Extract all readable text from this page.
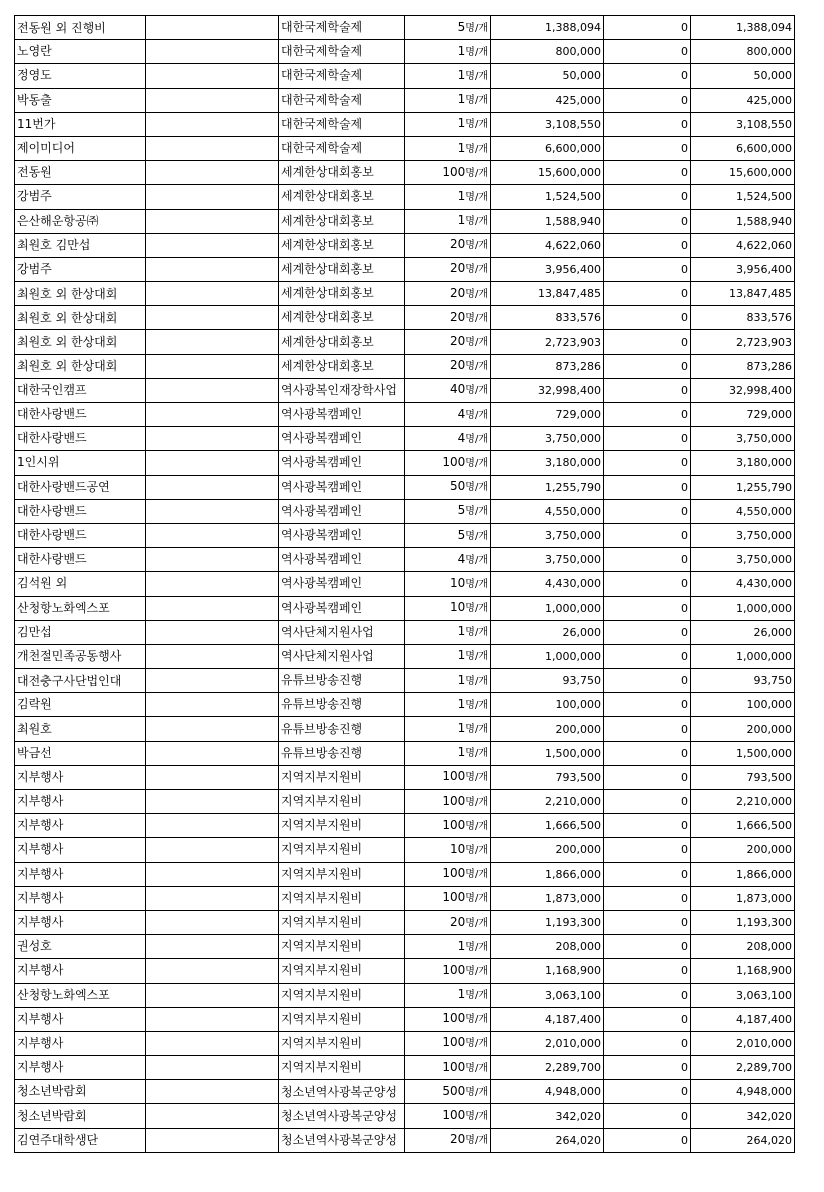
전동원 외 진행비		대한국제학술제	5명/개	1,388,094	0	1,388,094
노영란		대한국제학술제	1명/개	800,000	0	800,000
정영도		대한국제학술제	1명/개	50,000	0	50,000
박동출		대한국제학술제	1명/개	425,000	0	425,000
11번가		대한국제학술제	1명/개	3,108,550	0	3,108,550
제이미디어		대한국제학술제	1명/개	6,600,000	0	6,600,000
전동원		세계한상대회홍보	100명/개	15,600,000	0	15,600,000
강범주		세계한상대회홍보	1명/개	1,524,500	0	1,524,500
은산해운항공㈜		세계한상대회홍보	1명/개	1,588,940	0	1,588,940
최원호 김만섭		세계한상대회홍보	20명/개	4,622,060	0	4,622,060
강범주		세계한상대회홍보	20명/개	3,956,400	0	3,956,400
최원호 외 한상대회		세계한상대회홍보	20명/개	13,847,485	0	13,847,485
최원호 외 한상대회		세계한상대회홍보	20명/개	833,576	0	833,576
최원호 외 한상대회		세계한상대회홍보	20명/개	2,723,903	0	2,723,903
최원호 외 한상대회		세계한상대회홍보	20명/개	873,286	0	873,286
대한국인캠프		역사광복인재장학사업	40명/개	32,998,400	0	32,998,400
대한사랑밴드		역사광복캠페인	4명/개	729,000	0	729,000
대한사랑밴드		역사광복캠페인	4명/개	3,750,000	0	3,750,000
1인시위		역사광복캠페인	100명/개	3,180,000	0	3,180,000
대한사랑밴드공연		역사광복캠페인	50명/개	1,255,790	0	1,255,790
대한사랑밴드		역사광복캠페인	5명/개	4,550,000	0	4,550,000
대한사랑밴드		역사광복캠페인	5명/개	3,750,000	0	3,750,000
대한사랑밴드		역사광복캠페인	4명/개	3,750,000	0	3,750,000
김석원 외		역사광복캠페인	10명/개	4,430,000	0	4,430,000
산청항노화엑스포		역사광복캠페인	10명/개	1,000,000	0	1,000,000
김만섭		역사단체지원사업	1명/개	26,000	0	26,000
개천절민족공동행사		역사단체지원사업	1명/개	1,000,000	0	1,000,000
대전충구사단법인대		유튜브방송진행	1명/개	93,750	0	93,750
김락원		유튜브방송진행	1명/개	100,000	0	100,000
최원호		유튜브방송진행	1명/개	200,000	0	200,000
박금선		유튜브방송진행	1명/개	1,500,000	0	1,500,000
지부행사		지역지부지원비	100명/개	793,500	0	793,500
지부행사		지역지부지원비	100명/개	2,210,000	0	2,210,000
지부행사		지역지부지원비	100명/개	1,666,500	0	1,666,500
지부행사		지역지부지원비	10명/개	200,000	0	200,000
지부행사		지역지부지원비	100명/개	1,866,000	0	1,866,000
지부행사		지역지부지원비	100명/개	1,873,000	0	1,873,000
지부행사		지역지부지원비	20명/개	1,193,300	0	1,193,300
권성호		지역지부지원비	1명/개	208,000	0	208,000
지부행사		지역지부지원비	100명/개	1,168,900	0	1,168,900
산청항노화엑스포		지역지부지원비	1명/개	3,063,100	0	3,063,100
지부행사		지역지부지원비	100명/개	4,187,400	0	4,187,400
지부행사		지역지부지원비	100명/개	2,010,000	0	2,010,000
지부행사		지역지부지원비	100명/개	2,289,700	0	2,289,700
청소년박람회		청소년역사광복군양성	500명/개	4,948,000	0	4,948,000
청소년박람회		청소년역사광복군양성	100명/개	342,020	0	342,020
김연주대학생단		청소년역사광복군양성	20명/개	264,020	0	264,020
